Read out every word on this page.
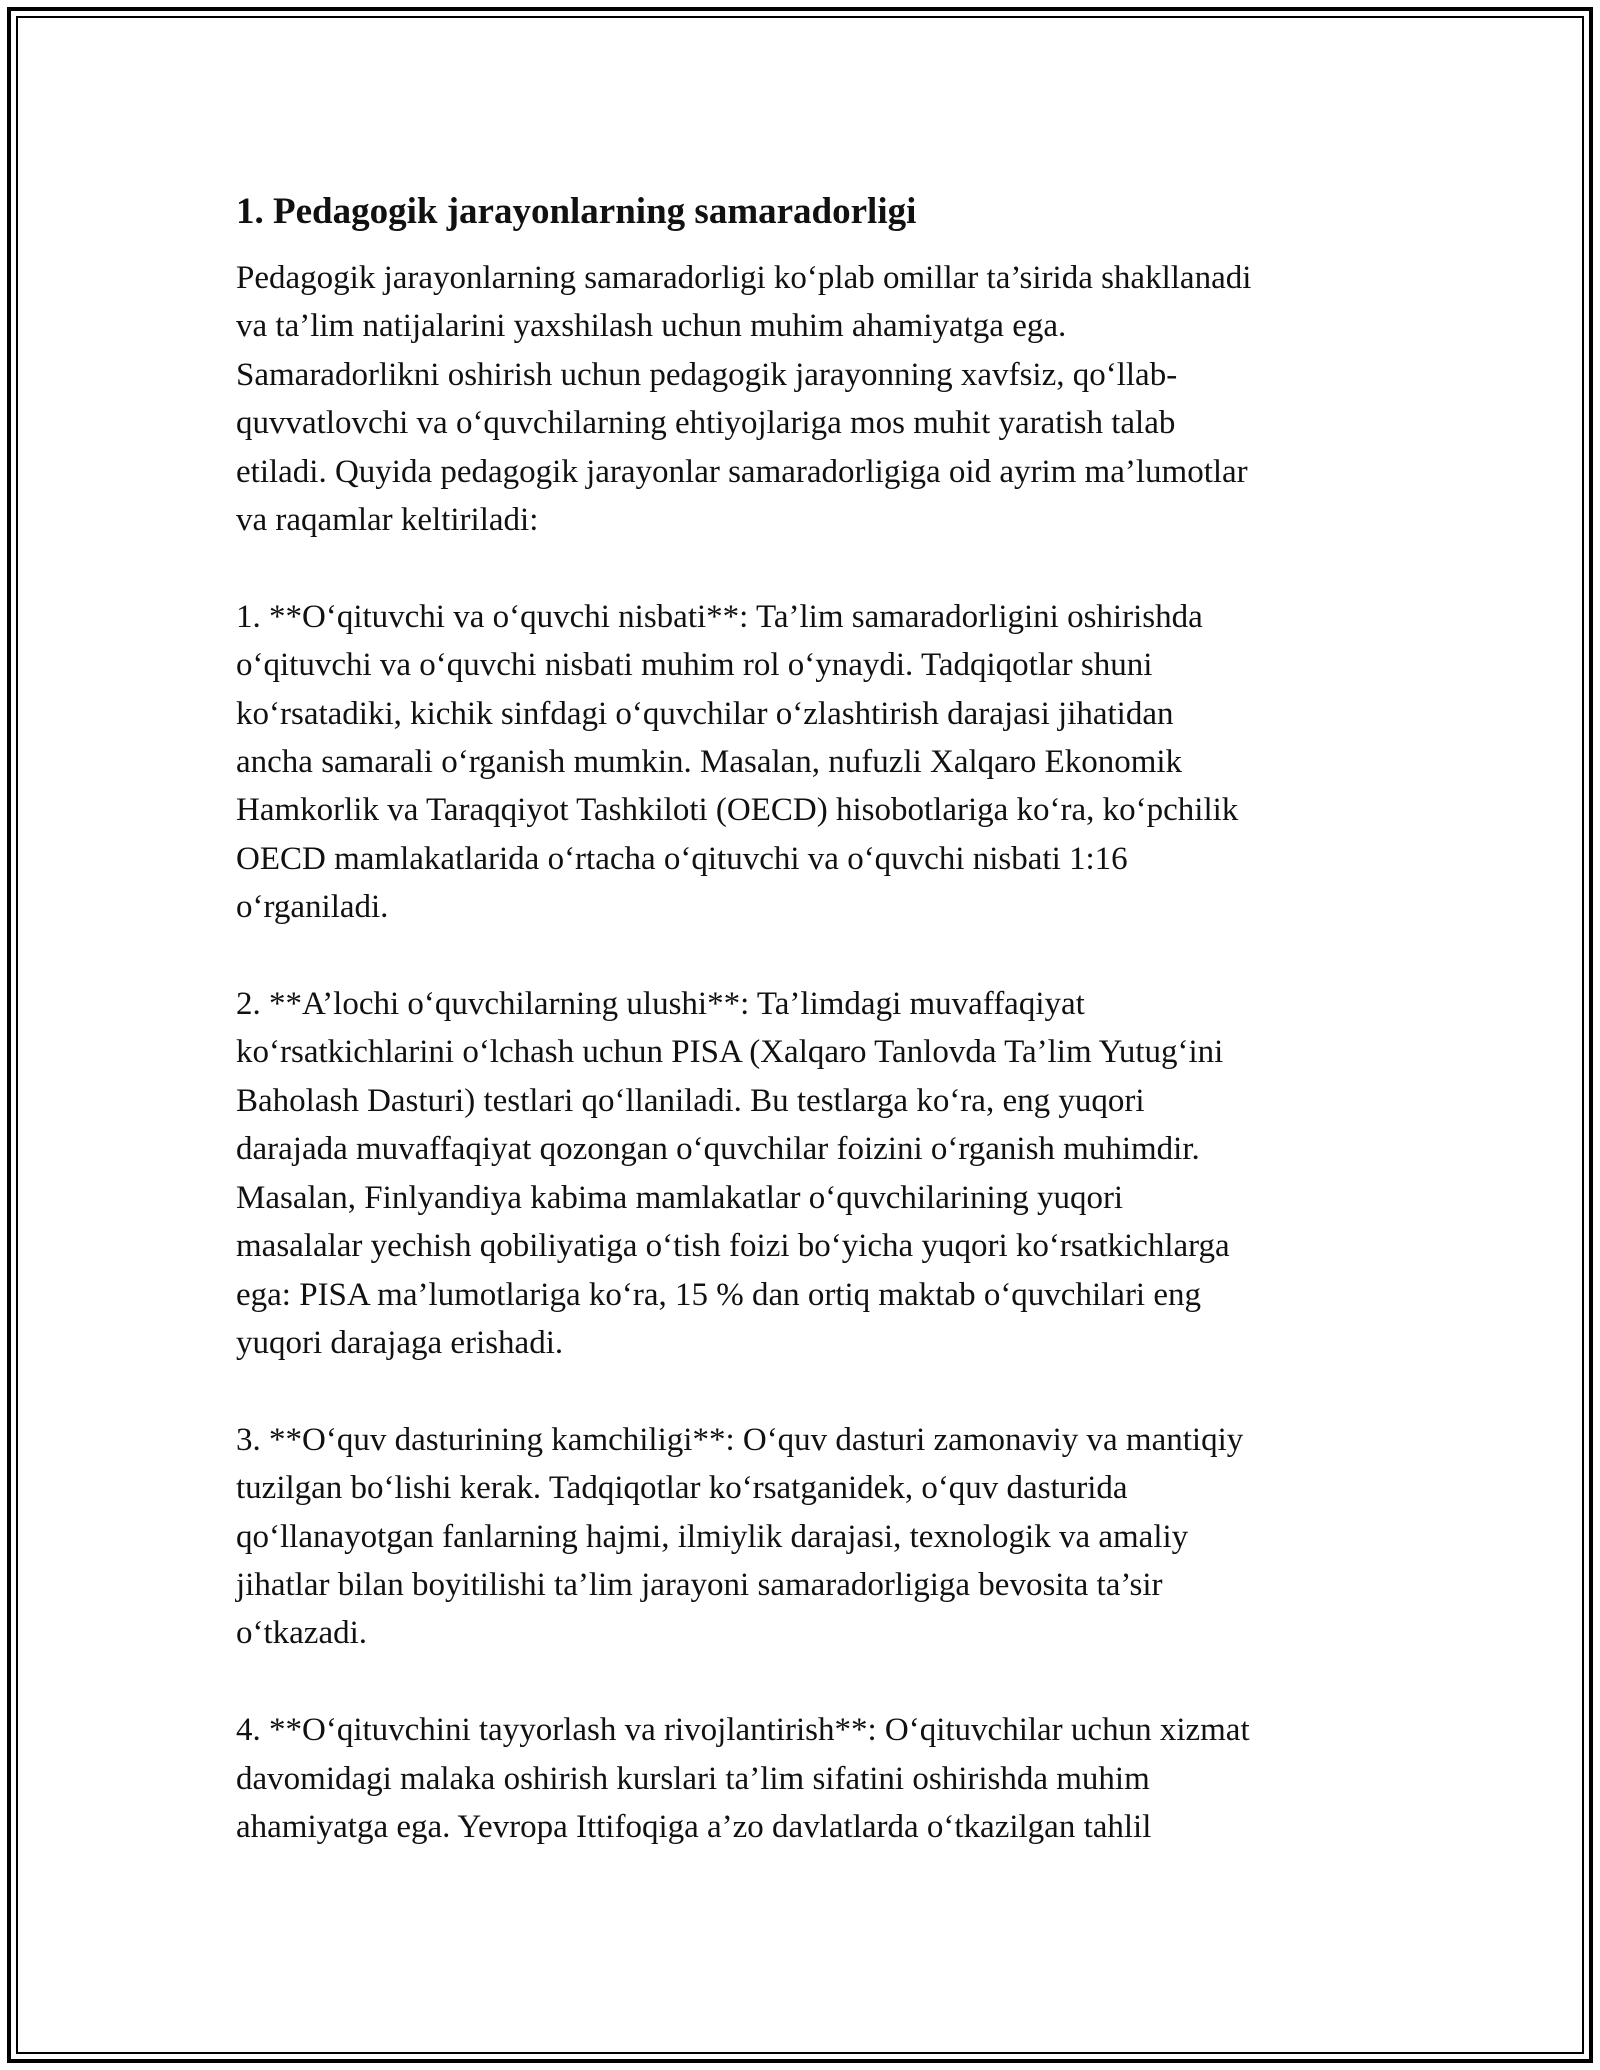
1. Pedagogik jarayonlarning samaradorligi
Pedagogik jarayonlarning samaradorligi ko‘plab omillar ta’sirida shakllanadi
va ta’lim natijalarini yaxshilash uchun muhim ahamiyatga ega.
Samaradorlikni oshirish uchun pedagogik jarayonning xavfsiz, qo‘llab-
quvvatlovchi va o‘quvchilarning ehtiyojlariga mos muhit yaratish talab
etiladi. Quyida pedagogik jarayonlar samaradorligiga oid ayrim ma’lumotlar
va raqamlar keltiriladi:
1. **O‘qituvchi va o‘quvchi nisbati**: Ta’lim samaradorligini oshirishda
o‘qituvchi va o‘quvchi nisbati muhim rol o‘ynaydi. Tadqiqotlar shuni
ko‘rsatadiki, kichik sinfdagi o‘quvchilar o‘zlashtirish darajasi jihatidan
ancha samarali o‘rganish mumkin. Masalan, nufuzli Xalqaro Ekonomik
Hamkorlik va Taraqqiyot Tashkiloti (OECD) hisobotlariga ko‘ra, ko‘pchilik
OECD mamlakatlarida o‘rtacha o‘qituvchi va o‘quvchi nisbati 1:16
o‘rganiladi.
2. **A’lochi o‘quvchilarning ulushi**: Ta’limdagi muvaffaqiyat
ko‘rsatkichlarini o‘lchash uchun PISA (Xalqaro Tanlovda Ta’lim Yutug‘ini
Baholash Dasturi) testlari qo‘llaniladi. Bu testlarga ko‘ra, eng yuqori
darajada muvaffaqiyat qozongan o‘quvchilar foizini o‘rganish muhimdir.
Masalan, Finlyandiya kabima mamlakatlar o‘quvchilarining yuqori
masalalar yechish qobiliyatiga o‘tish foizi bo‘yicha yuqori ko‘rsatkichlarga
ega: PISA ma’lumotlariga ko‘ra, 15 % dan ortiq maktab o‘quvchilari eng
yuqori darajaga erishadi.
3. **O‘quv dasturining kamchiligi**: O‘quv dasturi zamonaviy va mantiqiy
tuzilgan bo‘lishi kerak. Tadqiqotlar ko‘rsatganidek, o‘quv dasturida
qo‘llanayotgan fanlarning hajmi, ilmiylik darajasi, texnologik va amaliy
jihatlar bilan boyitilishi ta’lim jarayoni samaradorligiga bevosita ta’sir
o‘tkazadi.
4. **O‘qituvchini tayyorlash va rivojlantirish**: O‘qituvchilar uchun xizmat
davomidagi malaka oshirish kurslari ta’lim sifatini oshirishda muhim
ahamiyatga ega. Yevropa Ittifoqiga a’zo davlatlarda o‘tkazilgan tahlil
